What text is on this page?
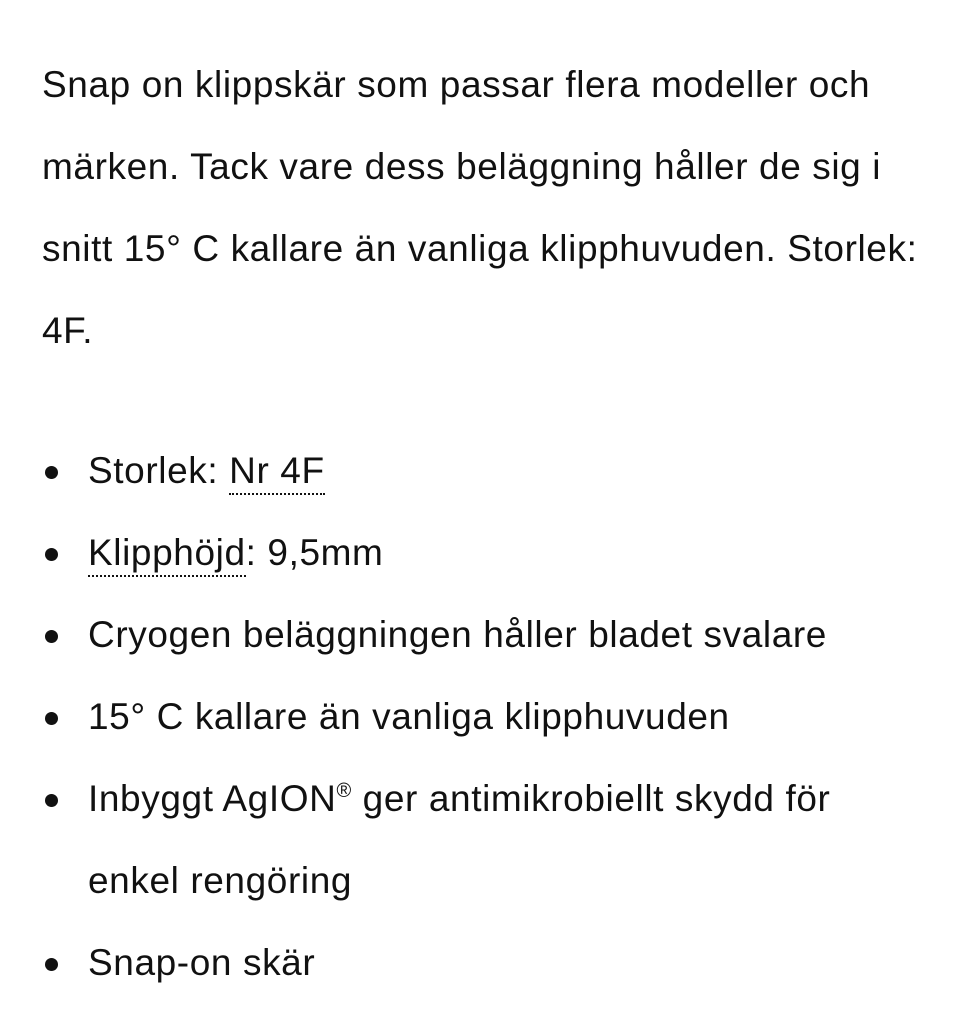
Snap on klippskär som passar flera modeller och märken. Tack vare dess beläggning håller de sig i snitt 15° C kallare än vanliga klipphuvuden. Storlek: 4F.

Storlek: Nr 4F
Klipphöjd: 9,5mm
Cryogen beläggningen håller bladet svalare
15° C kallare än vanliga klipphuvuden
Inbyggt AgION® ger antimikrobiellt skydd för enkel rengöring
Snap-on skär
